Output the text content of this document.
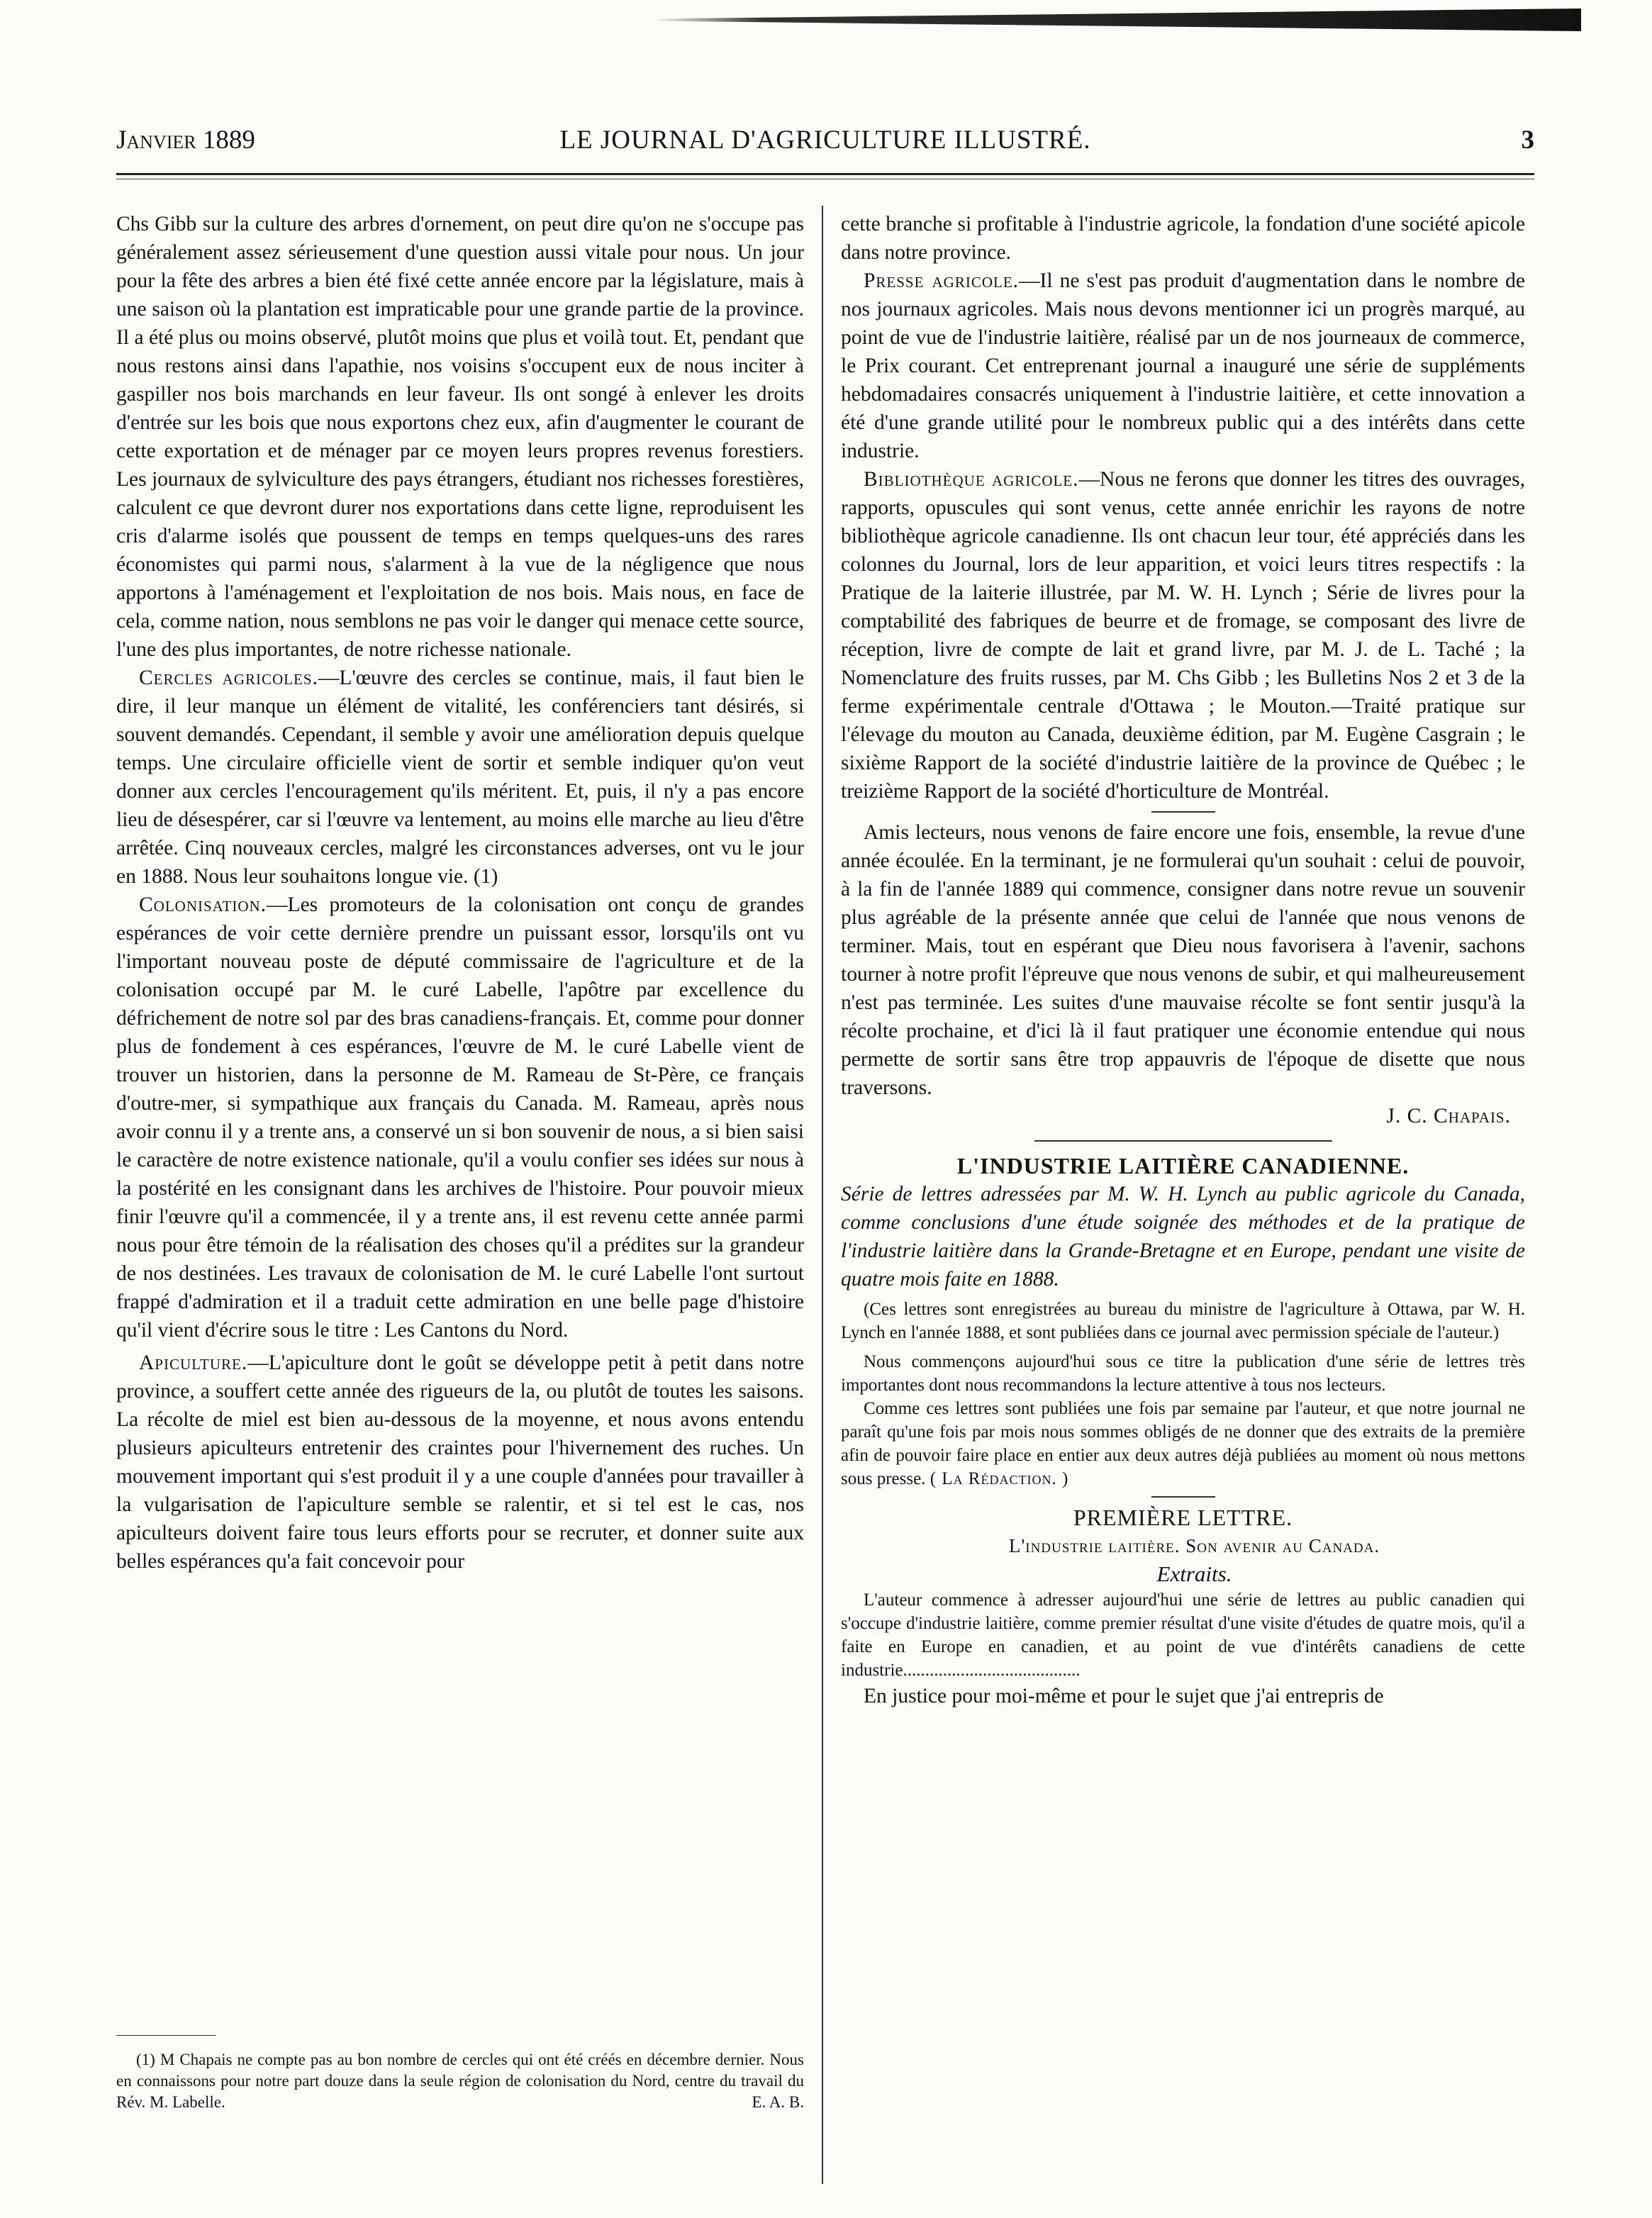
Janvier 1889	LE JOURNAL D'AGRICULTURE ILLUSTRÉ.	3

Chs Gibb sur la culture des arbres d'ornement, on peut dire qu'on ne s'occupe pas généralement assez sérieusement d'une question aussi vitale pour nous. Un jour pour la fête des arbres a bien été fixé cette année encore par la législature, mais à une saison où la plantation est impraticable pour une grande partie de la province. Il a été plus ou moins observé, plutôt moins que plus et voilà tout. Et, pendant que nous restons ainsi dans l'apathie, nos voisins s'occupent eux de nous inciter à gaspiller nos bois marchands en leur faveur. Ils ont songé à enlever les droits d'entrée sur les bois que nous exportons chez eux, afin d'augmenter le courant de cette exportation et de ménager par ce moyen leurs propres revenus forestiers. Les journaux de sylviculture des pays étrangers, étudiant nos richesses forestières, calculent ce que devront durer nos exportations dans cette ligne, reproduisent les cris d'alarme isolés que poussent de temps en temps quelques-uns des rares économistes qui parmi nous, s'alarment à la vue de la négligence que nous apportons à l'aménagement et l'exploitation de nos bois. Mais nous, en face de cela, comme nation, nous semblons ne pas voir le danger qui menace cette source, l'une des plus importantes, de notre richesse nationale.

Cercles agricoles.—L'œuvre des cercles se continue, mais, il faut bien le dire, il leur manque un élément de vitalité, les conférenciers tant désirés, si souvent demandés. Cependant, il semble y avoir une amélioration depuis quelque temps. Une circulaire officielle vient de sortir et semble indiquer qu'on veut donner aux cercles l'encouragement qu'ils méritent. Et, puis, il n'y a pas encore lieu de désespérer, car si l'œuvre va lentement, au moins elle marche au lieu d'être arrêtée. Cinq nouveaux cercles, malgré les circonstances adverses, ont vu le jour en 1888. Nous leur souhaitons longue vie. (1)

Colonisation.—Les promoteurs de la colonisation ont conçu de grandes espérances de voir cette dernière prendre un puissant essor, lorsqu'ils ont vu l'important nouveau poste de député commissaire de l'agriculture et de la colonisation occupé par M. le curé Labelle, l'apôtre par excellence du défrichement de notre sol par des bras canadiens-français. Et, comme pour donner plus de fondement à ces espérances, l'œuvre de M. le curé Labelle vient de trouver un historien, dans la personne de M. Rameau de St-Père, ce français d'outre-mer, si sympathique aux français du Canada. M. Rameau, après nous avoir connu il y a trente ans, a conservé un si bon souvenir de nous, a si bien saisi le caractère de notre existence nationale, qu'il a voulu confier ses idées sur nous à la postérité en les consignant dans les archives de l'histoire. Pour pouvoir mieux finir l'œuvre qu'il a commencée, il y a trente ans, il est revenu cette année parmi nous pour être témoin de la réalisation des choses qu'il a prédites sur la grandeur de nos destinées. Les travaux de colonisation de M. le curé Labelle l'ont surtout frappé d'admiration et il a traduit cette admiration en une belle page d'histoire qu'il vient d'écrire sous le titre : Les Cantons du Nord.

Apiculture.—L'apiculture dont le goût se développe petit à petit dans notre province, a souffert cette année des rigueurs de la, ou plutôt de toutes les saisons. La récolte de miel est bien au-dessous de la moyenne, et nous avons entendu plusieurs apiculteurs entretenir des craintes pour l'hivernement des ruches. Un mouvement important qui s'est produit il y a une couple d'années pour travailler à la vulgarisation de l'apiculture semble se ralentir, et si tel est le cas, nos apiculteurs doivent faire tous leurs efforts pour se recruter, et donner suite aux belles espérances qu'a fait concevoir pour

(1) M Chapais ne compte pas au bon nombre de cercles qui ont été créés en décembre dernier. Nous en connaissons pour notre part douze dans la seule région de colonisation du Nord, centre du travail du Rév. M. Labelle.	E. A. B.

cette branche si profitable à l'industrie agricole, la fondation d'une société apicole dans notre province.

Presse agricole.—Il ne s'est pas produit d'augmentation dans le nombre de nos journaux agricoles. Mais nous devons mentionner ici un progrès marqué, au point de vue de l'industrie laitière, réalisé par un de nos journeaux de commerce, le Prix courant. Cet entreprenant journal a inauguré une série de suppléments hebdomadaires consacrés uniquement à l'industrie laitière, et cette innovation a été d'une grande utilité pour le nombreux public qui a des intérêts dans cette industrie.

Bibliothèque agricole.—Nous ne ferons que donner les titres des ouvrages, rapports, opuscules qui sont venus, cette année enrichir les rayons de notre bibliothèque agricole canadienne. Ils ont chacun leur tour, été appréciés dans les colonnes du Journal, lors de leur apparition, et voici leurs titres respectifs : la Pratique de la laiterie illustrée, par M. W. H. Lynch ; Série de livres pour la comptabilité des fabriques de beurre et de fromage, se composant des livre de réception, livre de compte de lait et grand livre, par M. J. de L. Taché ; la Nomenclature des fruits russes, par M. Chs Gibb ; les Bulletins Nos 2 et 3 de la ferme expérimentale centrale d'Ottawa ; le Mouton.—Traité pratique sur l'élevage du mouton au Canada, deuxième édition, par M. Eugène Casgrain ; le sixième Rapport de la société d'industrie laitière de la province de Québec ; le treizième Rapport de la société d'horticulture de Montréal.

Amis lecteurs, nous venons de faire encore une fois, ensemble, la revue d'une année écoulée. En la terminant, je ne formulerai qu'un souhait : celui de pouvoir, à la fin de l'année 1889 qui commence, consigner dans notre revue un souvenir plus agréable de la présente année que celui de l'année que nous venons de terminer. Mais, tout en espérant que Dieu nous favorisera à l'avenir, sachons tourner à notre profit l'épreuve que nous venons de subir, et qui malheureusement n'est pas terminée. Les suites d'une mauvaise récolte se font sentir jusqu'à la récolte prochaine, et d'ici là il faut pratiquer une économie entendue qui nous permette de sortir sans être trop appauvris de l'époque de disette que nous traversons.

J. C. Chapais.

L'INDUSTRIE LAITIÈRE CANADIENNE.

Série de lettres adressées par M. W. H. Lynch au public agricole du Canada, comme conclusions d'une étude soignée des méthodes et de la pratique de l'industrie laitière dans la Grande-Bretagne et en Europe, pendant une visite de quatre mois faite en 1888.

(Ces lettres sont enregistrées au bureau du ministre de l'agriculture à Ottawa, par W. H. Lynch en l'année 1888, et sont publiées dans ce journal avec permission spéciale de l'auteur.)

Nous commençons aujourd'hui sous ce titre la publication d'une série de lettres très importantes dont nous recommandons la lecture attentive à tous nos lecteurs.

Comme ces lettres sont publiées une fois par semaine par l'auteur, et que notre journal ne paraît qu'une fois par mois nous sommes obligés de ne donner que des extraits de la première afin de pouvoir faire place en entier aux deux autres déjà publiées au moment où nous mettons sous presse. ( La Rédaction. )

PREMIÈRE LETTRE.

L'industrie laitière. Son avenir au Canada.

Extraits.

L'auteur commence à adresser aujourd'hui une série de lettres au public canadien qui s'occupe d'industrie laitière, comme premier résultat d'une visite d'études de quatre mois, qu'il a faite en Europe en canadien, et au point de vue d'intérêts canadiens de cette industrie........................................

En justice pour moi-même et pour le sujet que j'ai entrepris de
